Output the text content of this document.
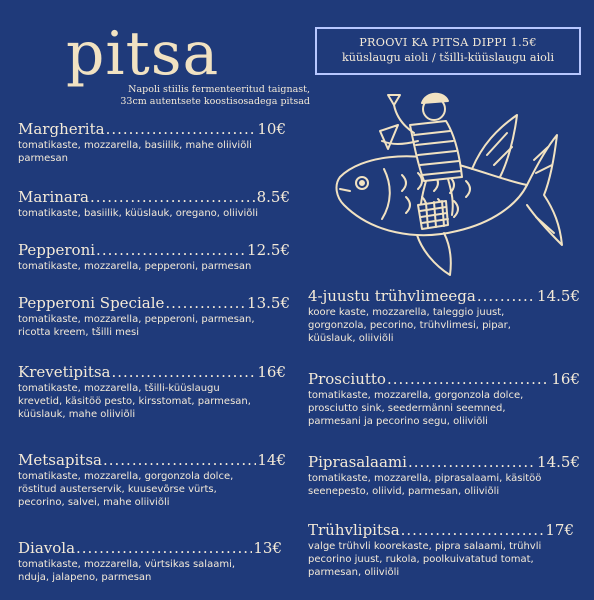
pitsa
Napoli stiilis fermenteeritud taignast,
33cm autentsete koostisosadega pitsad
PROOVI KA PITSA DIPPI 1.5€
küüslaugu aioli / tšilli-küüslaugu aioli
Margherita .....	10€
tomatikaste, mozzarella, basiilik, mahe oliiviõli
parmesan
Marinara .....	8.5€
tomatikaste, basiilik, küüslauk, oregano, oliiviõli
Pepperoni .....	12.5€
tomatikaste, mozzarella, pepperoni, parmesan
Pepperoni Speciale .....	13.5€
tomatikaste, mozzarella, pepperoni, parmesan,
ricotta kreem, tšilli mesi
Krevetipitsa .....	16€
tomatikaste, mozzarella, tšilli-küüslaugu
krevetid, käsitöö pesto, kirsstomat, parmesan,
küüslauk, mahe oliiviõli
Metsapitsa .....	14€
tomatikaste, mozzarella, gorgonzola dolce,
röstitud austerservik, kuusevõrse vürts,
pecorino, salvei, mahe oliiviõli
Diavola .....	13€
tomatikaste, mozzarella, vürtsikas salaami,
nduja, jalapeno, parmesan
4-juustu trühvlimeega .....	14.5€
koore kaste, mozzarella, taleggio juust,
gorgonzola, pecorino, trühvlimesi, pipar,
küüslauk, oliiviõli
Prosciutto .....	16€
tomatikaste, mozzarella, gorgonzola dolce,
prosciutto sink, seedermänni seemned,
parmesani ja pecorino segu, oliiviõli
Piprasalaami .....	14.5€
tomatikaste, mozzarella, piprasalaami, käsitöö
seenepesto, oliivid, parmesan, oliiviõli
Trühvlipitsa .....	17€
valge trühvli koorekaste, pipra salaami, trühvli
pecorino juust, rukola, poolkuivatatud tomat,
parmesan, oliiviõli
